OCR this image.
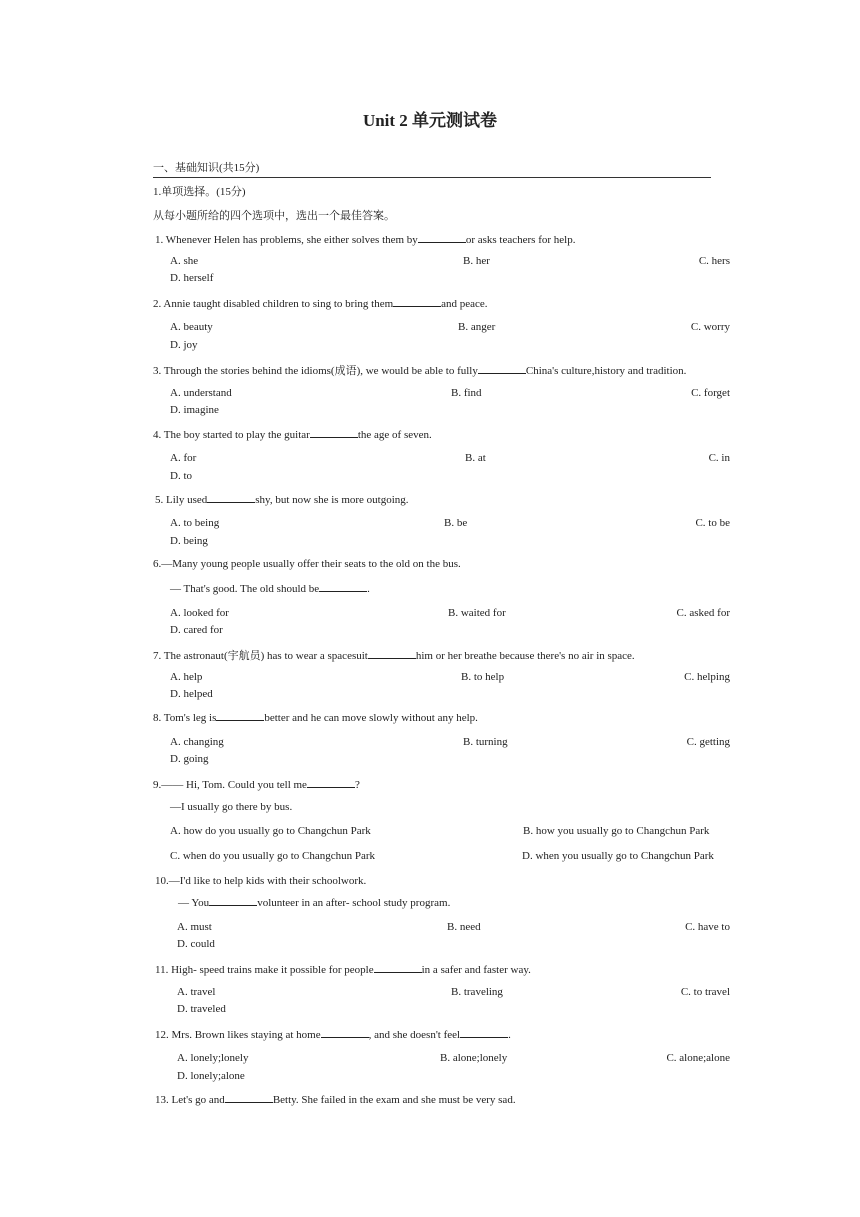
Unit 2 单元测试卷
一、基础知识(共15分)
1.单项选择。(15分)
从每小题所给的四个选项中，选出一个最佳答案。
1. Whenever Helen has problems, she either solves them by	or asks teachers for help.
A. she	B. her	C. hers
D. herself
2. Annie taught disabled children to sing to bring them	and peace.
A. beauty	B. anger	C. worry
D. joy
3. Through the stories behind the idioms(成语), we would be able to fully	China's culture,history and tradition.
A. understand	B. find	C. forget
D. imagine
4. The boy started to play the guitar	the age of seven.
A. for	B. at	C. in
D. to
5. Lily used	shy, but now she is more outgoing.
A. to being	B. be	C. to be
D. being
6.—Many young people usually offer their seats to the old on the bus.
— That's good. The old should be	.
A. looked for	B. waited for	C. asked for
D. cared for
7. The astronaut(宇航员) has to wear a spacesuit	him or her breathe because there's no air in space.
A. help	B. to help	C. helping
D. helped
8. Tom's leg is	better and he can move slowly without any help.
A. changing	B. turning	C. getting
D. going
9.—— Hi, Tom. Could you tell me	?
—I usually go there by bus.
A. how do you usually go to Changchun Park	B. how you usually go to Changchun Park
C. when do you usually go to Changchun Park	D. when you usually go to Changchun Park
10.—I'd like to help kids with their schoolwork.
— You	volunteer in an after- school study program.
A. must	B. need	C. have to
D. could
11. High- speed trains make it possible for people	in a safer and faster way.
A. travel	B. traveling	C. to travel
D. traveled
12. Mrs. Brown likes staying at home	, and she doesn't feel	.
A. lonely;lonely	B. alone;lonely	C. alone;alone
D. lonely;alone
13. Let's go and	Betty. She failed in the exam and she must be very sad.
